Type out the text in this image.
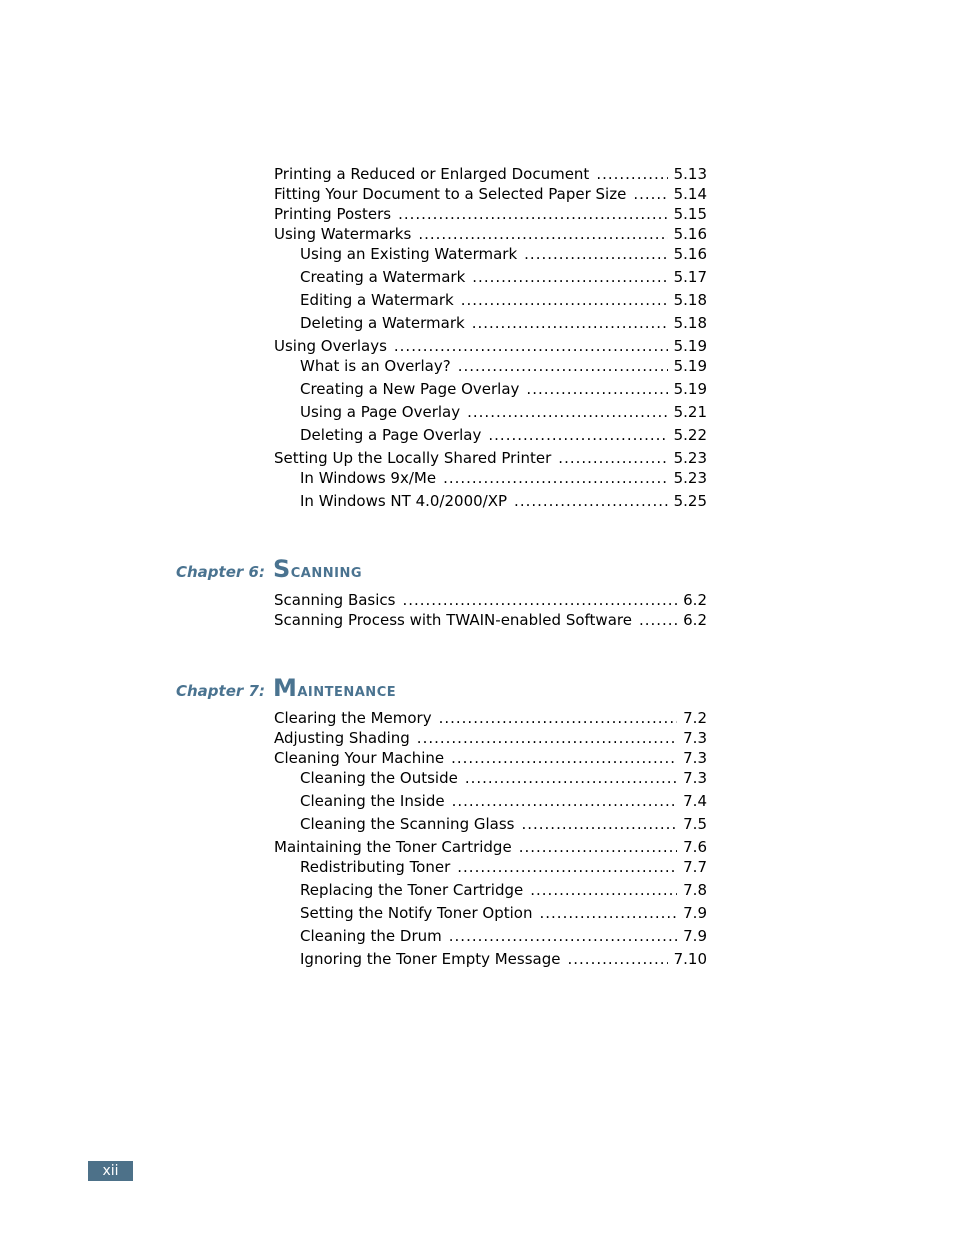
Printing a Reduced or Enlarged Document .....	5.13
Fitting Your Document to a Selected Paper Size .....	5.14
Printing Posters .....	5.15
Using Watermarks .....	5.16
Using an Existing Watermark .....	5.16
Creating a Watermark .....	5.17
Editing a Watermark .....	5.18
Deleting a Watermark .....	5.18
Using Overlays .....	5.19
What is an Overlay? .....	5.19
Creating a New Page Overlay .....	5.19
Using a Page Overlay .....	5.21
Deleting a Page Overlay .....	5.22
Setting Up the Locally Shared Printer .....	5.23
In Windows 9x/Me .....	5.23
In Windows NT 4.0/2000/XP .....	5.25
Chapter 6: Scanning
Scanning Basics .....	6.2
Scanning Process with TWAIN-enabled Software .....	6.2
Chapter 7: Maintenance
Clearing the Memory .....	7.2
Adjusting Shading .....	7.3
Cleaning Your Machine .....	7.3
Cleaning the Outside .....	7.3
Cleaning the Inside .....	7.4
Cleaning the Scanning Glass .....	7.5
Maintaining the Toner Cartridge .....	7.6
Redistributing Toner .....	7.7
Replacing the Toner Cartridge .....	7.8
Setting the Notify Toner Option .....	7.9
Cleaning the Drum .....	7.9
Ignoring the Toner Empty Message .....	7.10
xii
